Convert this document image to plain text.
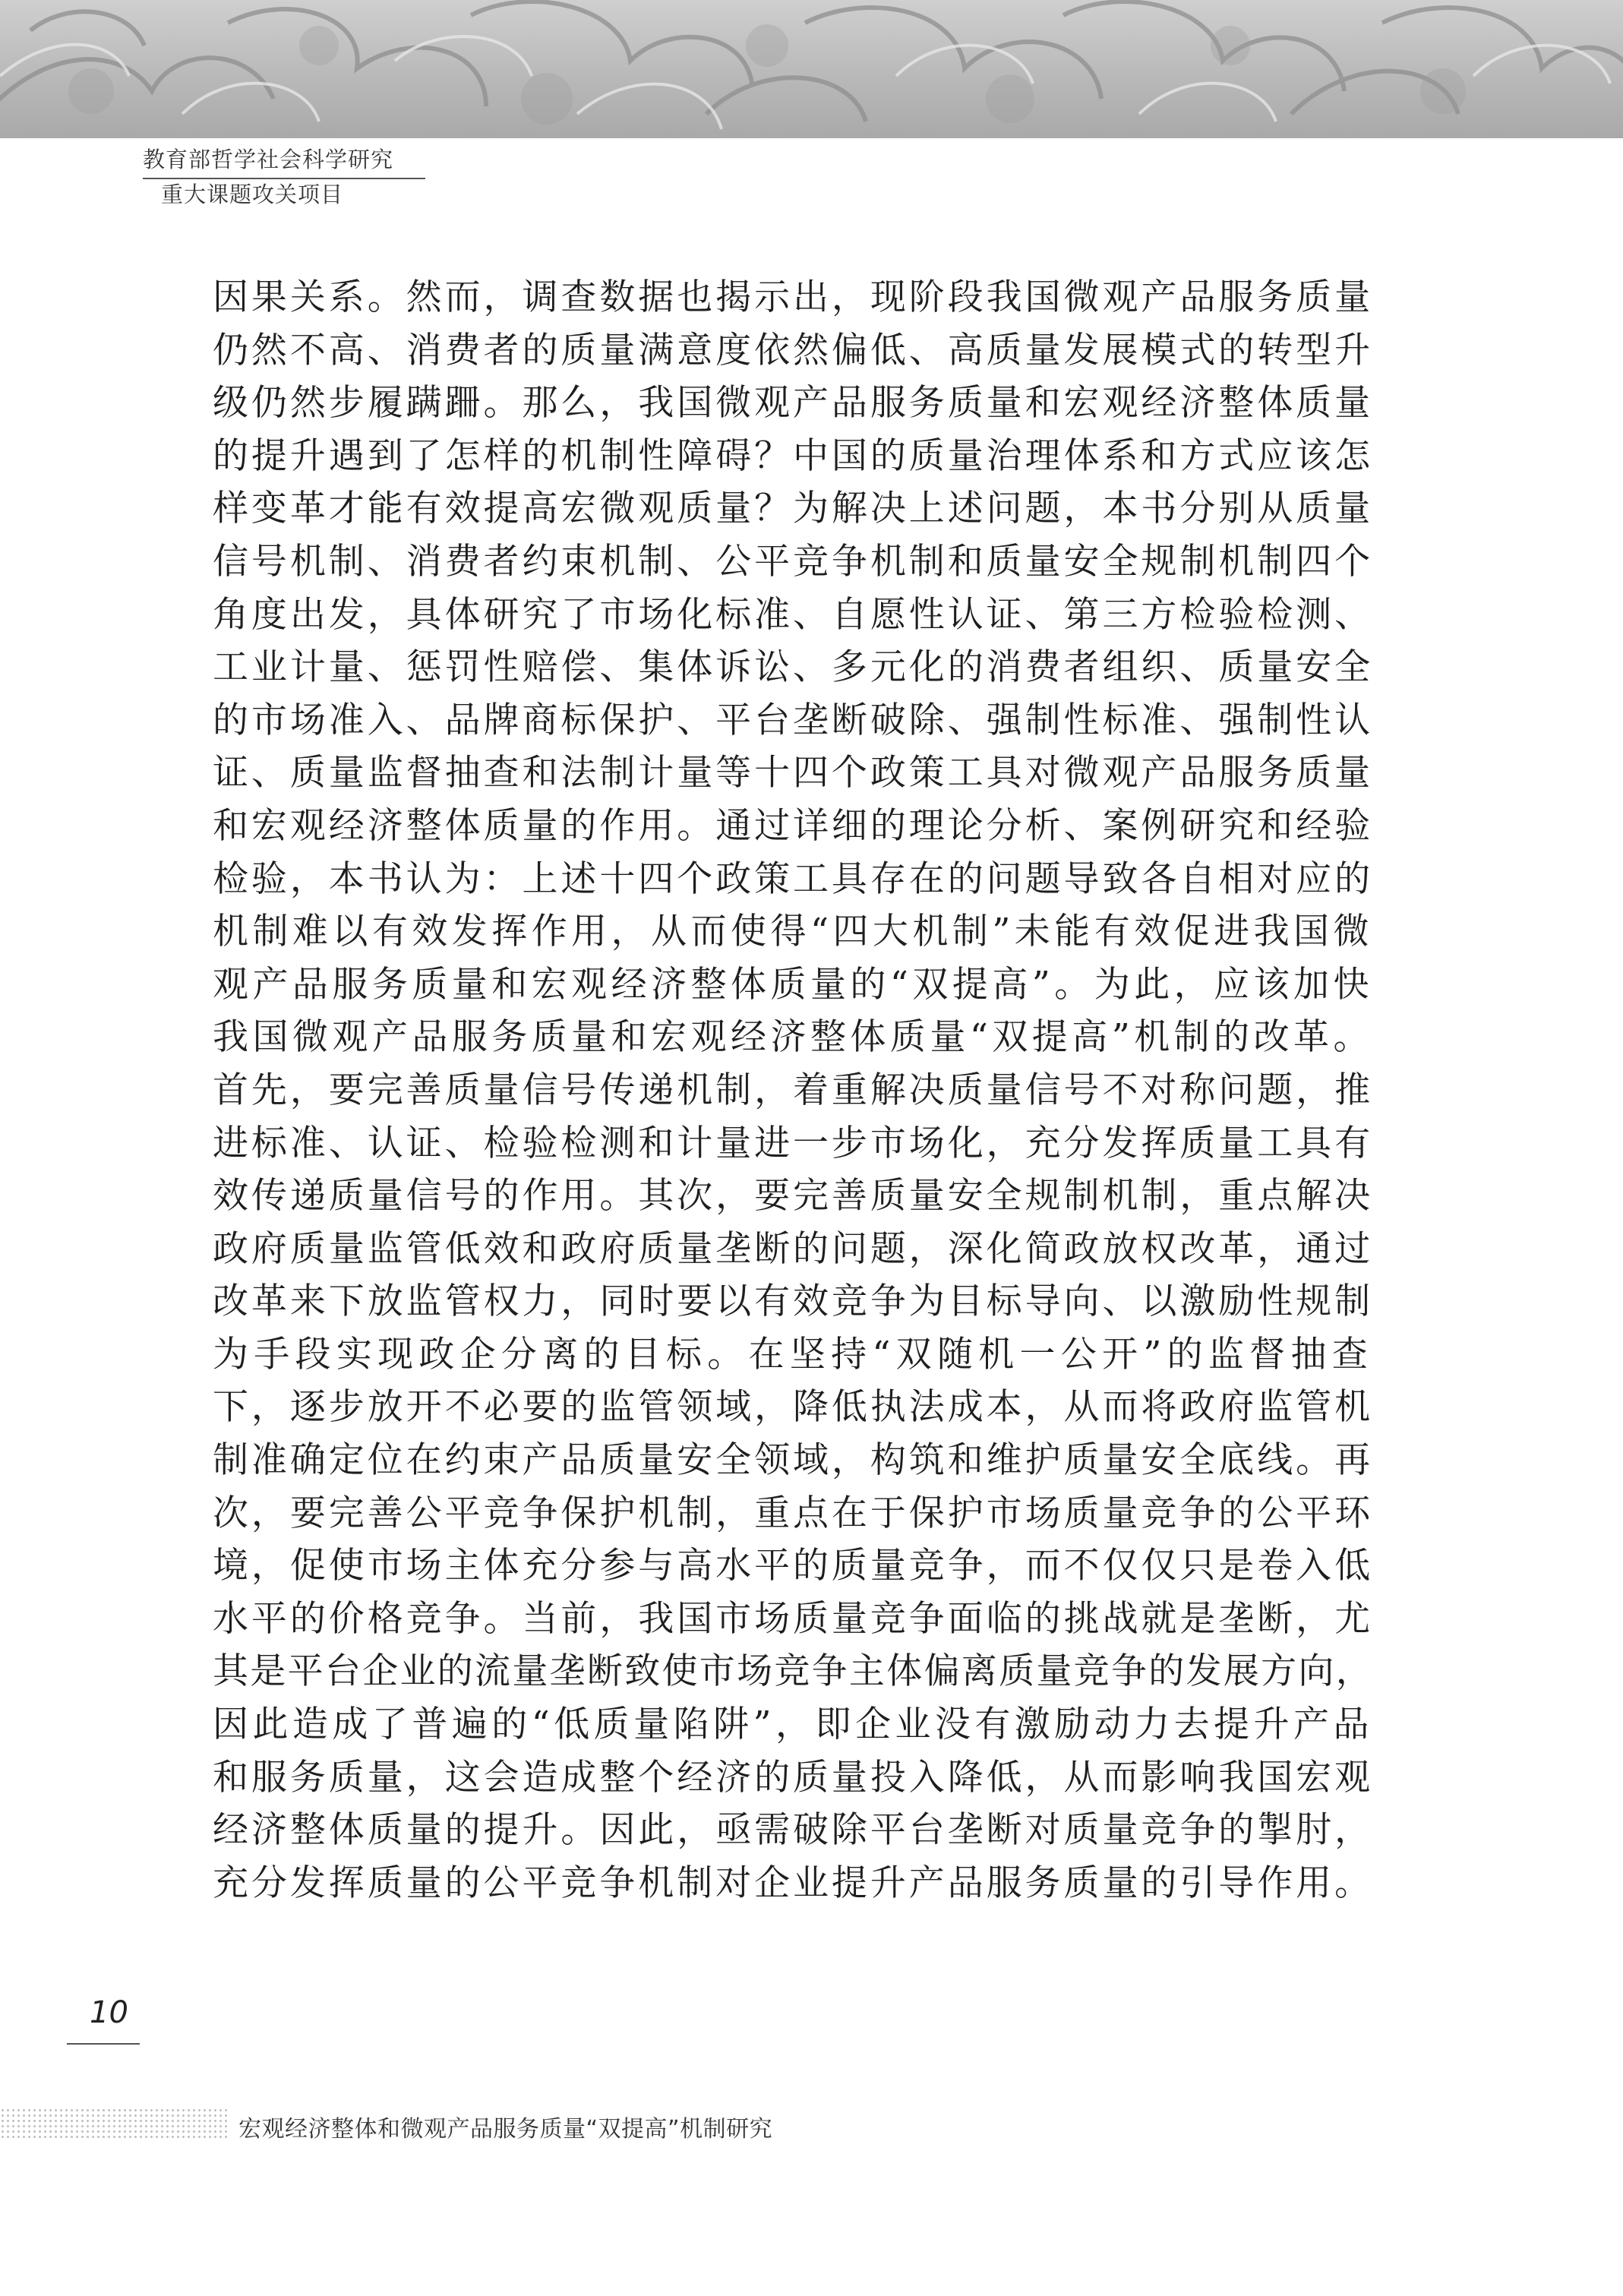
教育部哲学社会科学研究
重大课题攻关项目
因果关系。然而，调查数据也揭示出，现阶段我国微观产品服务质量
仍然不高、消费者的质量满意度依然偏低、高质量发展模式的转型升
级仍然步履蹒跚。那么，我国微观产品服务质量和宏观经济整体质量
的提升遇到了怎样的机制性障碍？中国的质量治理体系和方式应该怎
样变革才能有效提高宏微观质量？为解决上述问题，本书分别从质量
信号机制、消费者约束机制、公平竞争机制和质量安全规制机制四个
角度出发，具体研究了市场化标准、自愿性认证、第三方检验检测、
工业计量、惩罚性赔偿、集体诉讼、多元化的消费者组织、质量安全
的市场准入、品牌商标保护、平台垄断破除、强制性标准、强制性认
证、质量监督抽查和法制计量等十四个政策工具对微观产品服务质量
和宏观经济整体质量的作用。通过详细的理论分析、案例研究和经验
检验，本书认为：上述十四个政策工具存在的问题导致各自相对应的
机制难以有效发挥作用，从而使得“四大机制”未能有效促进我国微
观产品服务质量和宏观经济整体质量的“双提高”。为此，应该加快
我国微观产品服务质量和宏观经济整体质量“双提高”机制的改革。
首先，要完善质量信号传递机制，着重解决质量信号不对称问题，推
进标准、认证、检验检测和计量进一步市场化，充分发挥质量工具有
效传递质量信号的作用。其次，要完善质量安全规制机制，重点解决
政府质量监管低效和政府质量垄断的问题，深化简政放权改革，通过
改革来下放监管权力，同时要以有效竞争为目标导向、以激励性规制
为手段实现政企分离的目标。在坚持“双随机一公开”的监督抽查
下，逐步放开不必要的监管领域，降低执法成本，从而将政府监管机
制准确定位在约束产品质量安全领域，构筑和维护质量安全底线。再
次，要完善公平竞争保护机制，重点在于保护市场质量竞争的公平环
境，促使市场主体充分参与高水平的质量竞争，而不仅仅只是卷入低
水平的价格竞争。当前，我国市场质量竞争面临的挑战就是垄断，尤
其是平台企业的流量垄断致使市场竞争主体偏离质量竞争的发展方向，
因此造成了普遍的“低质量陷阱”，即企业没有激励动力去提升产品
和服务质量，这会造成整个经济的质量投入降低，从而影响我国宏观
经济整体质量的提升。因此，亟需破除平台垄断对质量竞争的掣肘，
充分发挥质量的公平竞争机制对企业提升产品服务质量的引导作用。
10
宏观经济整体和微观产品服务质量“双提高”机制研究
